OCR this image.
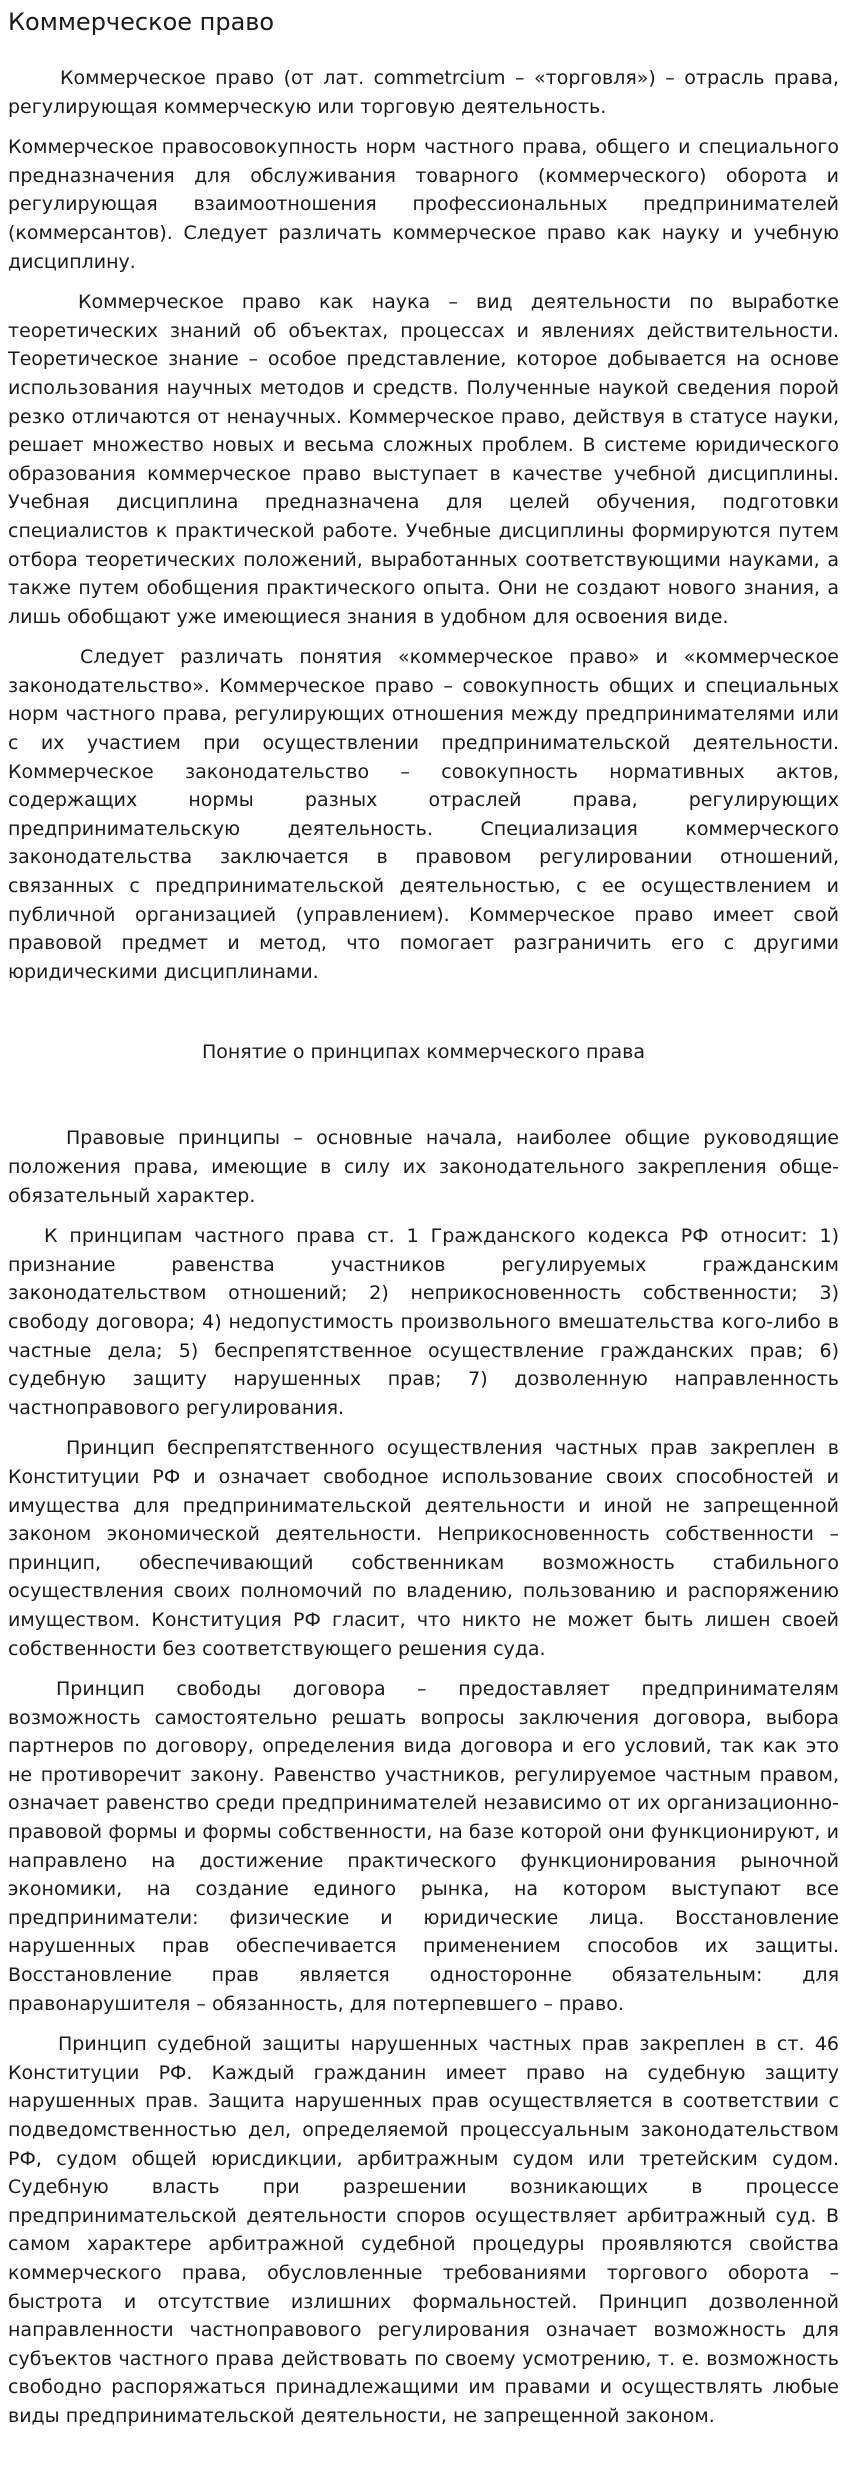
Коммерческое право

Коммерческое право (от лат. commetrcium – «торговля») – отрасль права, регулирующая коммерческую или торговую деятельность.

Коммерческое правосовокупность норм частного права, общего и специального предназначения для обслуживания товарного (коммерческого) оборота и регулирующая взаимоотношения профессиональных предпринимателей (коммерсантов). Следует различать коммерческое право как науку и учебную дисциплину.

Коммерческое право как наука – вид деятельности по выработке теоретических знаний об объектах, процессах и явлениях действительности. Теоретическое знание – особое представление, которое добывается на основе использования научных методов и средств. Полученные наукой сведения порой резко отличаются от ненаучных. Коммерческое право, действуя в статусе науки, решает множество новых и весьма сложных проблем. В системе юридического образования коммерческое право выступает в качестве учебной дисциплины. Учебная дисциплина предназначена для целей обучения, подготовки специалистов к практической работе. Учебные дисциплины формируются путем отбора теоретических положений, выработанных соответствующими науками, а также путем обобщения практического опыта. Они не создают нового знания, а лишь обобщают уже имеющиеся знания в удобном для освоения виде.

Следует различать понятия «коммерческое право» и «коммерческое законодательство». Коммерческое право – совокупность общих и специальных норм частного права, регулирующих отношения между предпринимателями или с их участием при осуществлении предпринимательской деятельности. Коммерческое законодательство – совокупность нормативных актов, содержащих нормы разных отраслей права, регулирующих предпринимательскую деятельность. Специализация коммерческого законодательства заключается в правовом регулировании отношений, связанных с предпринимательской деятельностью, с ее осуществлением и публичной организацией (управлением). Коммерческое право имеет свой правовой предмет и метод, что помогает разграничить его с другими юридическими дисциплинами.

Понятие о принципах коммерческого права

Правовые принципы – основные начала, наиболее общие руководящие положения права, имеющие в силу их законодательного закрепления обще-обязательный характер.

К принципам частного права ст. 1 Гражданского кодекса РФ относит: 1) признание равенства участников регулируемых гражданским законодательством отношений; 2) неприкосновенность собственности; 3) свободу договора; 4) недопустимость произвольного вмешательства кого-либо в частные дела; 5) беспрепятственное осуществление гражданских прав; 6) судебную защиту нарушенных прав; 7) дозволенную направленность частноправового регулирования.

Принцип беспрепятственного осуществления частных прав закреплен в Конституции РФ и означает свободное использование своих способностей и имущества для предпринимательской деятельности и иной не запрещенной законом экономической деятельности. Неприкосновенность собственности – принцип, обеспечивающий собственникам возможность стабильного осуществления своих полномочий по владению, пользованию и распоряжению имуществом. Конституция РФ гласит, что никто не может быть лишен своей собственности без соответствующего решения суда.

Принцип свободы договора – предоставляет предпринимателям возможность самостоятельно решать вопросы заключения договора, выбора партнеров по договору, определения вида договора и его условий, так как это не противоречит закону. Равенство участников, регулируемое частным правом, означает равенство среди предпринимателей независимо от их организационно-правовой формы и формы собственности, на базе которой они функционируют, и направлено на достижение практического функционирования рыночной экономики, на создание единого рынка, на котором выступают все предприниматели: физические и юридические лица. Восстановление нарушенных прав обеспечивается применением способов их защиты. Восстановление прав является односторонне обязательным: для правонарушителя – обязанность, для потерпевшего – право.

Принцип судебной защиты нарушенных частных прав закреплен в ст. 46 Конституции РФ. Каждый гражданин имеет право на судебную защиту нарушенных прав. Защита нарушенных прав осуществляется в соответствии с подведомственностью дел, определяемой процессуальным законодательством РФ, судом общей юрисдикции, арбитражным судом или третейским судом. Судебную власть при разрешении возникающих в процессе предпринимательской деятельности споров осуществляет арбитражный суд. В самом характере арбитражной судебной процедуры проявляются свойства коммерческого права, обусловленные требованиями торгового оборота – быстрота и отсутствие излишних формальностей. Принцип дозволенной направленности частноправового регулирования означает возможность для субъектов частного права действовать по своему усмотрению, т. е. возможность свободно распоряжаться принадлежащими им правами и осуществлять любые виды предпринимательской деятельности, не запрещенной законом.
